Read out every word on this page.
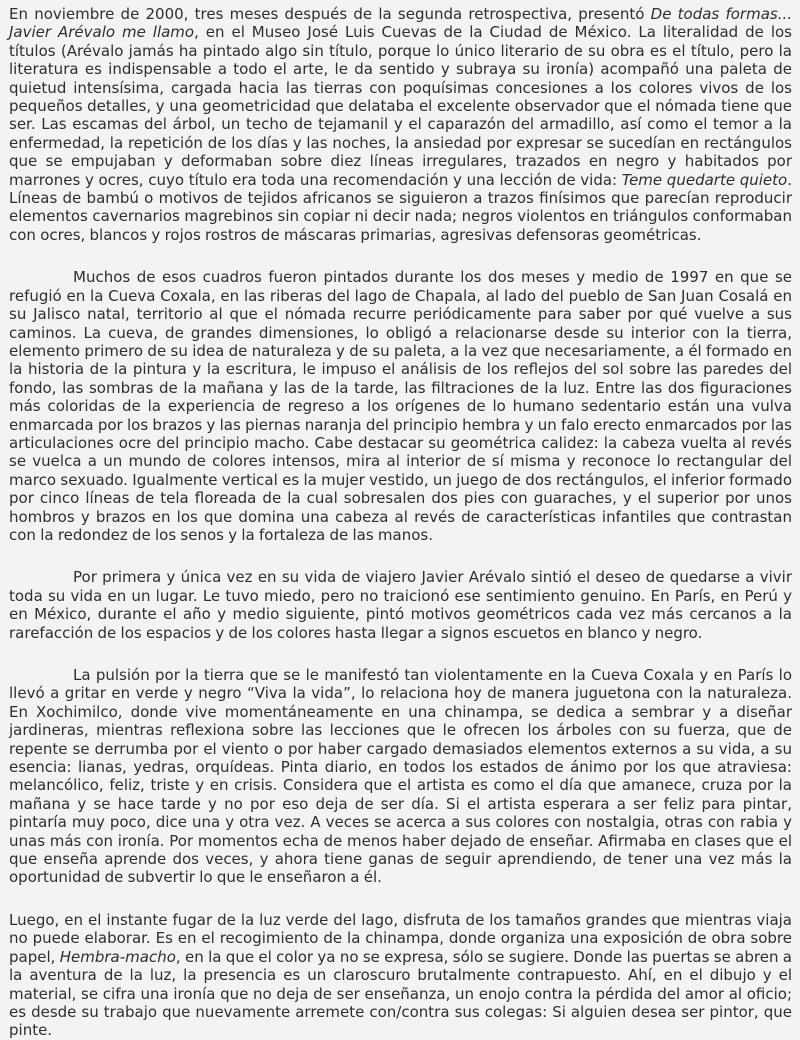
En noviembre de 2000, tres meses después de la segunda retrospectiva, presentó De todas formas... Javier Arévalo me llamo, en el Museo José Luis Cuevas de la Ciudad de México. La literalidad de los títulos (Arévalo jamás ha pintado algo sin título, porque lo único literario de su obra es el título, pero la literatura es indispensable a todo el arte, le da sentido y subraya su ironía) acompañó una paleta de quietud intensísima, cargada hacia las tierras con poquísimas concesiones a los colores vivos de los pequeños detalles, y una geometricidad que delataba el excelente observador que el nómada tiene que ser. Las escamas del árbol, un techo de tejamanil y el caparazón del armadillo, así como el temor a la enfermedad, la repetición de los días y las noches, la ansiedad por expresar se sucedían en rectángulos que se empujaban y deformaban sobre diez líneas irregulares, trazados en negro y habitados por marrones y ocres, cuyo título era toda una recomendación y una lección de vida: Teme quedarte quieto. Líneas de bambú o motivos de tejidos africanos se siguieron a trazos finísimos que parecían reproducir elementos cavernarios magrebinos sin copiar ni decir nada; negros violentos en triángulos conformaban con ocres, blancos y rojos rostros de máscaras primarias, agresivas defensoras geométricas.

Muchos de esos cuadros fueron pintados durante los dos meses y medio de 1997 en que se refugió en la Cueva Coxala, en las riberas del lago de Chapala, al lado del pueblo de San Juan Cosalá en su Jalisco natal, territorio al que el nómada recurre periódicamente para saber por qué vuelve a sus caminos. La cueva, de grandes dimensiones, lo obligó a relacionarse desde su interior con la tierra, elemento primero de su idea de naturaleza y de su paleta, a la vez que necesariamente, a él formado en la historia de la pintura y la escritura, le impuso el análisis de los reflejos del sol sobre las paredes del fondo, las sombras de la mañana y las de la tarde, las filtraciones de la luz. Entre las dos figuraciones más coloridas de la experiencia de regreso a los orígenes de lo humano sedentario están una vulva enmarcada por los brazos y las piernas naranja del principio hembra y un falo erecto enmarcados por las articulaciones ocre del principio macho. Cabe destacar su geométrica calidez: la cabeza vuelta al revés se vuelca a un mundo de colores intensos, mira al interior de sí misma y reconoce lo rectangular del marco sexuado. Igualmente vertical es la mujer vestido, un juego de dos rectángulos, el inferior formado por cinco líneas de tela floreada de la cual sobresalen dos pies con guaraches, y el superior por unos hombros y brazos en los que domina una cabeza al revés de características infantiles que contrastan con la redondez de los senos y la fortaleza de las manos.

Por primera y única vez en su vida de viajero Javier Arévalo sintió el deseo de quedarse a vivir toda su vida en un lugar. Le tuvo miedo, pero no traicionó ese sentimiento genuino. En París, en Perú y en México, durante el año y medio siguiente, pintó motivos geométricos cada vez más cercanos a la rarefacción de los espacios y de los colores hasta llegar a signos escuetos en blanco y negro.

La pulsión por la tierra que se le manifestó tan violentamente en la Cueva Coxala y en París lo llevó a gritar en verde y negro “Viva la vida”, lo relaciona hoy de manera juguetona con la naturaleza. En Xochimilco, donde vive momentáneamente en una chinampa, se dedica a sembrar y a diseñar jardineras, mientras reflexiona sobre las lecciones que le ofrecen los árboles con su fuerza, que de repente se derrumba por el viento o por haber cargado demasiados elementos externos a su vida, a su esencia: lianas, yedras, orquídeas. Pinta diario, en todos los estados de ánimo por los que atraviesa: melancólico, feliz, triste y en crisis. Considera que el artista es como el día que amanece, cruza por la mañana y se hace tarde y no por eso deja de ser día. Si el artista esperara a ser feliz para pintar, pintaría muy poco, dice una y otra vez. A veces se acerca a sus colores con nostalgia, otras con rabia y unas más con ironía. Por momentos echa de menos haber dejado de enseñar. Afirmaba en clases que el que enseña aprende dos veces, y ahora tiene ganas de seguir aprendiendo, de tener una vez más la oportunidad de subvertir lo que le enseñaron a él.

Luego, en el instante fugar de la luz verde del lago, disfruta de los tamaños grandes que mientras viaja no puede elaborar. Es en el recogimiento de la chinampa, donde organiza una exposición de obra sobre papel, Hembra-macho, en la que el color ya no se expresa, sólo se sugiere. Donde las puertas se abren a la aventura de la luz, la presencia es un claroscuro brutalmente contrapuesto. Ahí, en el dibujo y el material, se cifra una ironía que no deja de ser enseñanza, un enojo contra la pérdida del amor al oficio; es desde su trabajo que nuevamente arremete con/contra sus colegas: Si alguien desea ser pintor, que pinte.
